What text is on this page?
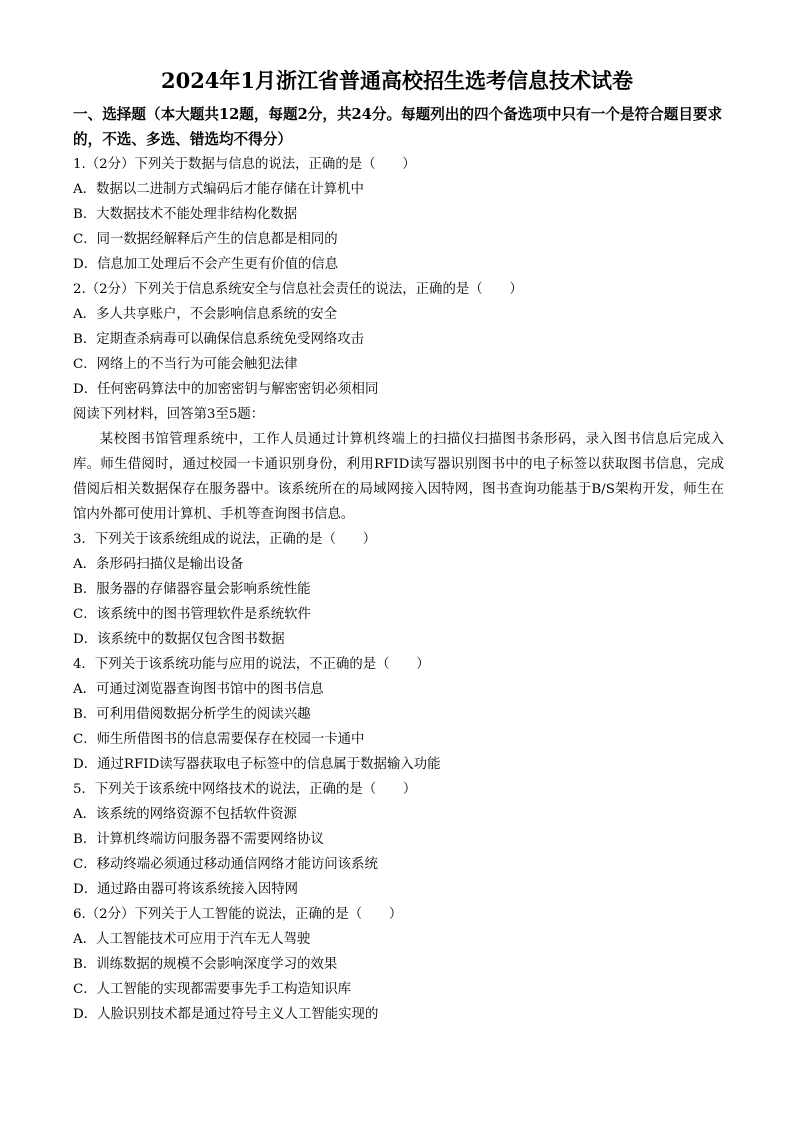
2024年1月浙江省普通高校招生选考信息技术试卷

一、选择题（本大题共12题，每题2分，共24分。每题列出的四个备选项中只有一个是符合题目要求的，不选、多选、错选均不得分）

1.（2分）下列关于数据与信息的说法，正确的是（　　）

A．数据以二进制方式编码后才能存储在计算机中

B．大数据技术不能处理非结构化数据

C．同一数据经解释后产生的信息都是相同的

D．信息加工处理后不会产生更有价值的信息

2.（2分）下列关于信息系统安全与信息社会责任的说法，正确的是（　　）

A．多人共享账户，不会影响信息系统的安全

B．定期查杀病毒可以确保信息系统免受网络攻击

C．网络上的不当行为可能会触犯法律

D．任何密码算法中的加密密钥与解密密钥必须相同

阅读下列材料，回答第3至5题：

某校图书馆管理系统中，工作人员通过计算机终端上的扫描仪扫描图书条形码，录入图书信息后完成入库。师生借阅时，通过校园一卡通识别身份，利用RFID读写器识别图书中的电子标签以获取图书信息，完成借阅后相关数据保存在服务器中。该系统所在的局域网接入因特网，图书查询功能基于B/S架构开发，师生在馆内外都可使用计算机、手机等查询图书信息。

3．下列关于该系统组成的说法，正确的是（　　）

A．条形码扫描仪是输出设备

B．服务器的存储器容量会影响系统性能

C．该系统中的图书管理软件是系统软件

D．该系统中的数据仅包含图书数据

4．下列关于该系统功能与应用的说法，不正确的是（　　）

A．可通过浏览器查询图书馆中的图书信息

B．可利用借阅数据分析学生的阅读兴趣

C．师生所借图书的信息需要保存在校园一卡通中

D．通过RFID读写器获取电子标签中的信息属于数据输入功能

5．下列关于该系统中网络技术的说法，正确的是（　　）

A．该系统的网络资源不包括软件资源

B．计算机终端访问服务器不需要网络协议

C．移动终端必须通过移动通信网络才能访问该系统

D．通过路由器可将该系统接入因特网

6.（2分）下列关于人工智能的说法，正确的是（　　）

A．人工智能技术可应用于汽车无人驾驶

B．训练数据的规模不会影响深度学习的效果

C．人工智能的实现都需要事先手工构造知识库

D．人脸识别技术都是通过符号主义人工智能实现的
